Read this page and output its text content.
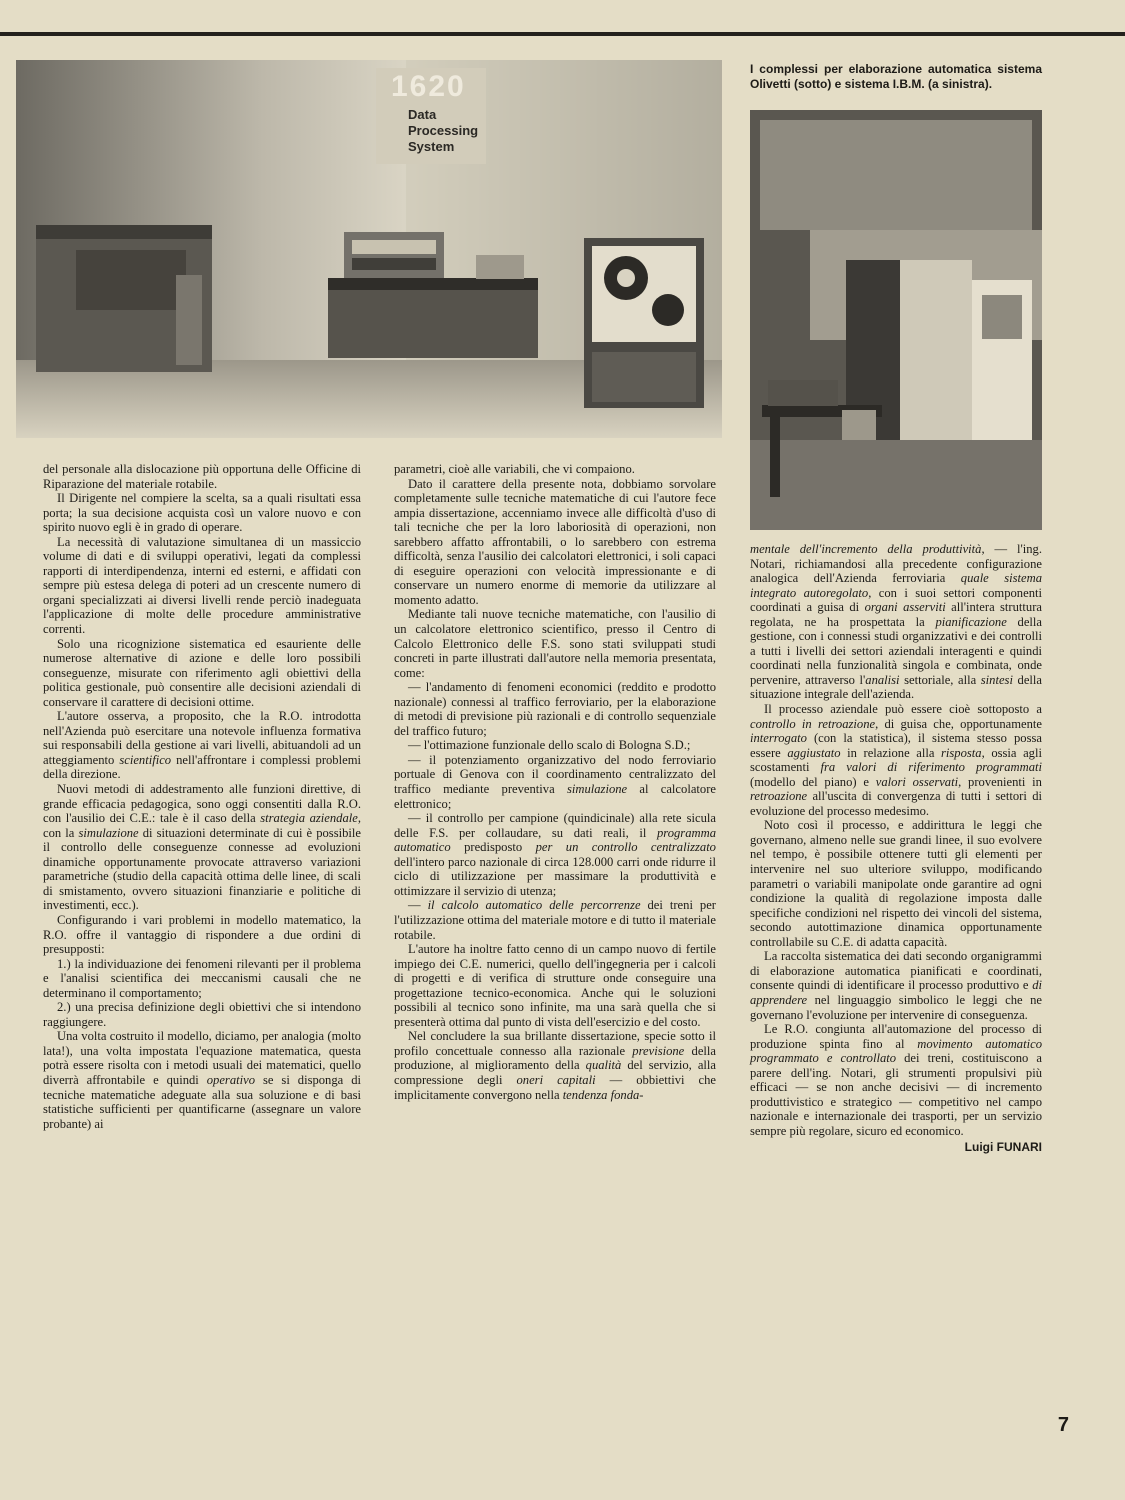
1620
Data
Processing
System
I complessi per elaborazione automatica sistema Olivetti (sotto) e sistema I.B.M. (a sinistra).

del personale alla dislocazione più opportuna delle Officine di Riparazione del materiale rotabile.

Il Dirigente nel compiere la scelta, sa a quali risultati essa porta; la sua decisione acquista così un valore nuovo e con spirito nuovo egli è in grado di operare.

La necessità di valutazione simultanea di un massiccio volume di dati e di sviluppi operativi, legati da complessi rapporti di interdipendenza, interni ed esterni, e affidati con sempre più estesa delega di poteri ad un crescente numero di organi specializzati ai diversi livelli rende perciò inadeguata l'applicazione di molte delle procedure amministrative correnti.

Solo una ricognizione sistematica ed esauriente delle numerose alternative di azione e delle loro possibili conseguenze, misurate con riferimento agli obiettivi della politica gestionale, può consentire alle decisioni aziendali di conservare il carattere di decisioni ottime.

L'autore osserva, a proposito, che la R.O. introdotta nell'Azienda può esercitare una notevole influenza formativa sui responsabili della gestione ai vari livelli, abituandoli ad un atteggiamento scientifico nell'affrontare i complessi problemi della direzione.

Nuovi metodi di addestramento alle funzioni direttive, di grande efficacia pedagogica, sono oggi consentiti dalla R.O. con l'ausilio dei C.E.: tale è il caso della strategia aziendale, con la simulazione di situazioni determinate di cui è possibile il controllo delle conseguenze connesse ad evoluzioni dinamiche opportunamente provocate attraverso variazioni parametriche (studio della capacità ottima delle linee, di scali di smistamento, ovvero situazioni finanziarie e politiche di investimenti, ecc.).

Configurando i vari problemi in modello matematico, la R.O. offre il vantaggio di rispondere a due ordini di presupposti:

1.) la individuazione dei fenomeni rilevanti per il problema e l'analisi scientifica dei meccanismi causali che ne determinano il comportamento;

2.) una precisa definizione degli obiettivi che si intendono raggiungere.

Una volta costruito il modello, diciamo, per analogia (molto lata!), una volta impostata l'equazione matematica, questa potrà essere risolta con i metodi usuali dei matematici, quello diverrà affrontabile e quindi operativo se si disponga di tecniche matematiche adeguate alla sua soluzione e di basi statistiche sufficienti per quantificarne (assegnare un valore probante) ai

parametri, cioè alle variabili, che vi compaiono.

Dato il carattere della presente nota, dobbiamo sorvolare completamente sulle tecniche matematiche di cui l'autore fece ampia dissertazione, accenniamo invece alle difficoltà d'uso di tali tecniche che per la loro laboriosità di operazioni, non sarebbero affatto affrontabili, o lo sarebbero con estrema difficoltà, senza l'ausilio dei calcolatori elettronici, i soli capaci di eseguire operazioni con velocità impressionante e di conservare un numero enorme di memorie da utilizzare al momento adatto.

Mediante tali nuove tecniche matematiche, con l'ausilio di un calcolatore elettronico scientifico, presso il Centro di Calcolo Elettronico delle F.S. sono stati sviluppati studi concreti in parte illustrati dall'autore nella memoria presentata, come:

— l'andamento di fenomeni economici (reddito e prodotto nazionale) connessi al traffico ferroviario, per la elaborazione di metodi di previsione più razionali e di controllo sequenziale del traffico futuro;

— l'ottimazione funzionale dello scalo di Bologna S.D.;

— il potenziamento organizzativo del nodo ferroviario portuale di Genova con il coordinamento centralizzato del traffico mediante preventiva simulazione al calcolatore elettronico;

— il controllo per campione (quindicinale) alla rete sicula delle F.S. per collaudare, su dati reali, il programma automatico predisposto per un controllo centralizzato dell'intero parco nazionale di circa 128.000 carri onde ridurre il ciclo di utilizzazione per massimare la produttività e ottimizzare il servizio di utenza;

— il calcolo automatico delle percorrenze dei treni per l'utilizzazione ottima del materiale motore e di tutto il materiale rotabile.

L'autore ha inoltre fatto cenno di un campo nuovo di fertile impiego dei C.E. numerici, quello dell'ingegneria per i calcoli di progetti e di verifica di strutture onde conseguire una progettazione tecnico-economica. Anche qui le soluzioni possibili al tecnico sono infinite, ma una sarà quella che si presenterà ottima dal punto di vista dell'esercizio e del costo.

Nel concludere la sua brillante dissertazione, specie sotto il profilo concettuale connesso alla razionale previsione della produzione, al miglioramento della qualità del servizio, alla compressione degli oneri capitali — obbiettivi che implicitamente convergono nella tendenza fonda-

mentale dell'incremento della produttività, — l'ing. Notari, richiamandosi alla precedente configurazione analogica dell'Azienda ferroviaria quale sistema integrato autoregolato, con i suoi settori componenti coordinati a guisa di organi asserviti all'intera struttura regolata, ne ha prospettata la pianificazione della gestione, con i connessi studi organizzativi e dei controlli a tutti i livelli dei settori aziendali interagenti e quindi coordinati nella funzionalità singola e combinata, onde pervenire, attraverso l'analisi settoriale, alla sintesi della situazione integrale dell'azienda.

Il processo aziendale può essere cioè sottoposto a controllo in retroazione, di guisa che, opportunamente interrogato (con la statistica), il sistema stesso possa essere aggiustato in relazione alla risposta, ossia agli scostamenti fra valori di riferimento programmati (modello del piano) e valori osservati, provenienti in retroazione all'uscita di convergenza di tutti i settori di evoluzione del processo medesimo.

Noto così il processo, e addirittura le leggi che governano, almeno nelle sue grandi linee, il suo evolvere nel tempo, è possibile ottenere tutti gli elementi per intervenire nel suo ulteriore sviluppo, modificando parametri o variabili manipolate onde garantire ad ogni condizione la qualità di regolazione imposta dalle specifiche condizioni nel rispetto dei vincoli del sistema, secondo autottimazione dinamica opportunamente controllabile su C.E. di adatta capacità.

La raccolta sistematica dei dati secondo organigrammi di elaborazione automatica pianificati e coordinati, consente quindi di identificare il processo produttivo e di apprendere nel linguaggio simbolico le leggi che ne governano l'evoluzione per intervenire di conseguenza.

Le R.O. congiunta all'automazione del processo di produzione spinta fino al movimento automatico programmato e controllato dei treni, costituiscono a parere dell'ing. Notari, gli strumenti propulsivi più efficaci — se non anche decisivi — di incremento produttivistico e strategico — competitivo nel campo nazionale e internazionale dei trasporti, per un servizio sempre più regolare, sicuro ed economico.

Luigi FUNARI
7
